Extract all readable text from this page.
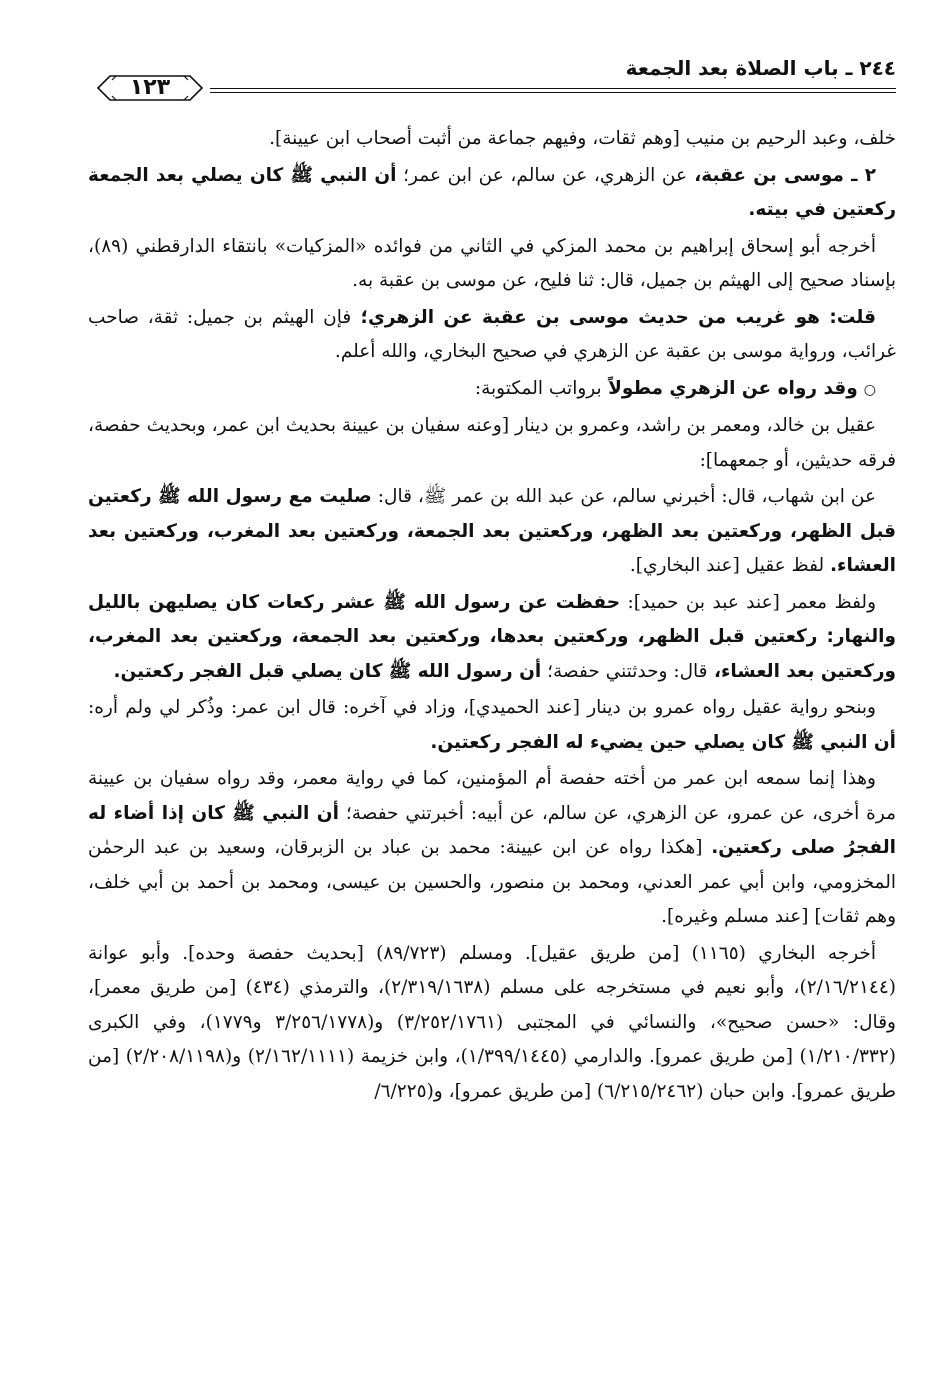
٢٤٤ ـ باب الصلاة بعد الجمعة
١٢٣

خلف، وعبد الرحيم بن منيب [وهم ثقات، وفيهم جماعة من أثبت أصحاب ابن عيينة].

٢ ـ موسى بن عقبة، عن الزهري، عن سالم، عن ابن عمر؛ أن النبي ﷺ كان يصلي بعد الجمعة ركعتين في بيته.

أخرجه أبو إسحاق إبراهيم بن محمد المزكي في الثاني من فوائده «المزكيات» بانتقاء الدارقطني (٨٩)، بإسناد صحيح إلى الهيثم بن جميل، قال: ثنا فليح، عن موسى بن عقبة به.

قلت: هو غريب من حديث موسى بن عقبة عن الزهري؛ فإن الهيثم بن جميل: ثقة، صاحب غرائب، ورواية موسى بن عقبة عن الزهري في صحيح البخاري، والله أعلم.

○وقد رواه عن الزهري مطولاً برواتب المكتوبة:

عقيل بن خالد، ومعمر بن راشد، وعمرو بن دينار [وعنه سفيان بن عيينة بحديث ابن عمر، وبحديث حفصة، فرقه حديثين، أو جمعهما]:

عن ابن شهاب، قال: أخبرني سالم، عن عبد الله بن عمر ﷺ، قال: صليت مع رسول الله ﷺ ركعتين قبل الظهر، وركعتين بعد الظهر، وركعتين بعد الجمعة، وركعتين بعد المغرب، وركعتين بعد العشاء. لفظ عقيل [عند البخاري].

ولفظ معمر [عند عبد بن حميد]: حفظت عن رسول الله ﷺ عشر ركعات كان يصليهن بالليل والنهار: ركعتين قبل الظهر، وركعتين بعدها، وركعتين بعد الجمعة، وركعتين بعد المغرب، وركعتين بعد العشاء، قال: وحدثتني حفصة؛ أن رسول الله ﷺ كان يصلي قبل الفجر ركعتين.

وبنحو رواية عقيل رواه عمرو بن دينار [عند الحميدي]، وزاد في آخره: قال ابن عمر: وذُكر لي ولم أره: أن النبي ﷺ كان يصلي حين يضيء له الفجر ركعتين.

وهذا إنما سمعه ابن عمر من أخته حفصة أم المؤمنين، كما في رواية معمر، وقد رواه سفيان بن عيينة مرة أخرى، عن عمرو، عن الزهري، عن سالم، عن أبيه: أخبرتني حفصة؛ أن النبي ﷺ كان إذا أضاء له الفجرُ صلى ركعتين. [هكذا رواه عن ابن عيينة: محمد بن عباد بن الزبرقان، وسعيد بن عبد الرحمٰن المخزومي، وابن أبي عمر العدني، ومحمد بن منصور، والحسين بن عيسى، ومحمد بن أحمد بن أبي خلف، وهم ثقات] [عند مسلم وغيره].

أخرجه البخاري (١١٦٥) [من طريق عقيل]. ومسلم (٨٩/٧٢٣) [بحديث حفصة وحده]. وأبو عوانة (٢/١٦/٢١٤٤)، وأبو نعيم في مستخرجه على مسلم (٢/٣١٩/١٦٣٨)، والترمذي (٤٣٤) [من طريق معمر]، وقال: «حسن صحيح»، والنسائي في المجتبى (٣/٢٥٢/١٧٦١) و(٣/٢٥٦/١٧٧٨ و١٧٧٩)، وفي الكبرى (١/٢١٠/٣٣٢) [من طريق عمرو]. والدارمي (١/٣٩٩/١٤٤٥)، وابن خزيمة (٢/١٦٢/١١١١) و(٢/٢٠٨/١١٩٨) [من طريق عمرو]. وابن حبان (٦/٢١٥/٢٤٦٢) [من طريق عمرو]، و(٦/٢٢٥/
